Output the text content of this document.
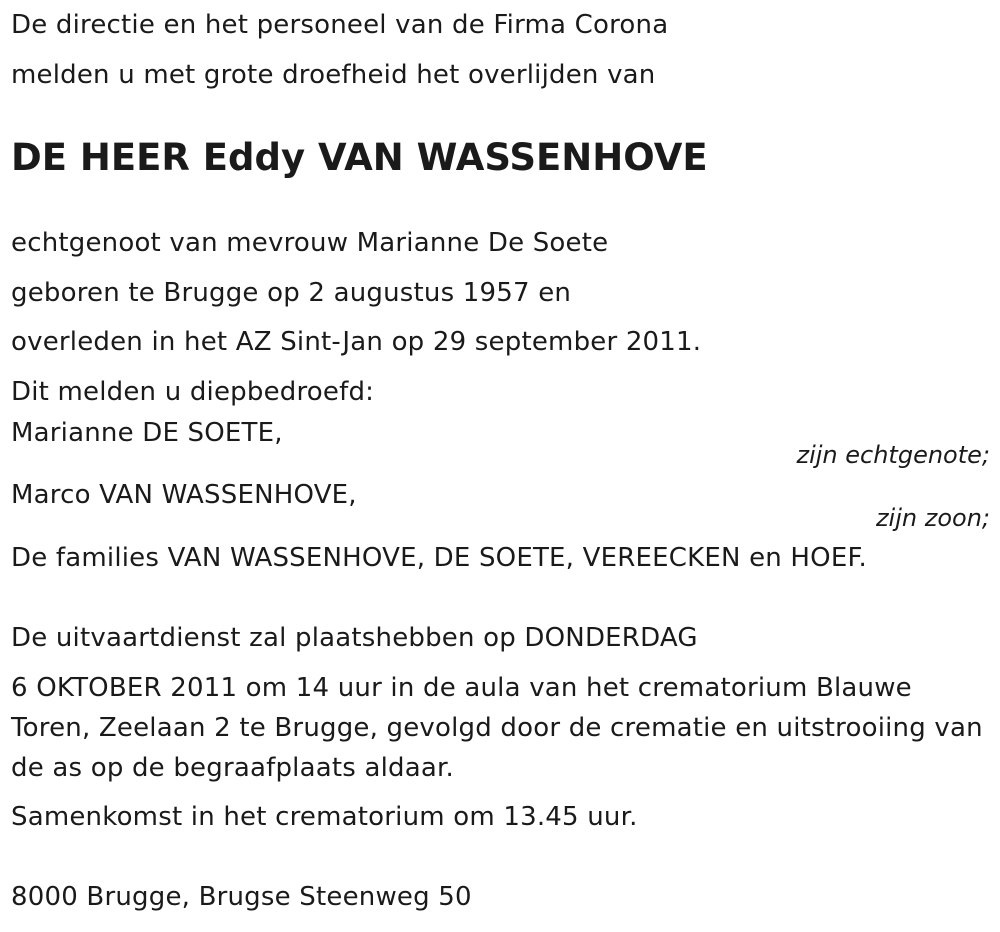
De directie en het personeel van de Firma Corona
melden u met grote droefheid het overlijden van
DE HEER Eddy VAN WASSENHOVE
echtgenoot van mevrouw Marianne De Soete
geboren te Brugge op 2 augustus 1957 en
overleden in het AZ Sint-Jan op 29 september 2011.
Dit melden u diepbedroefd:
Marianne DE SOETE,
zijn echtgenote;
Marco VAN WASSENHOVE,
zijn zoon;
De families VAN WASSENHOVE, DE SOETE, VEREECKEN en HOEF.
De uitvaartdienst zal plaatshebben op DONDERDAG
6 OKTOBER 2011 om 14 uur in de aula van het crematorium Blauwe
Toren, Zeelaan 2 te Brugge, gevolgd door de crematie en uitstrooiing van
de as op de begraafplaats aldaar.
Samenkomst in het crematorium om 13.45 uur.
8000 Brugge, Brugse Steenweg 50
